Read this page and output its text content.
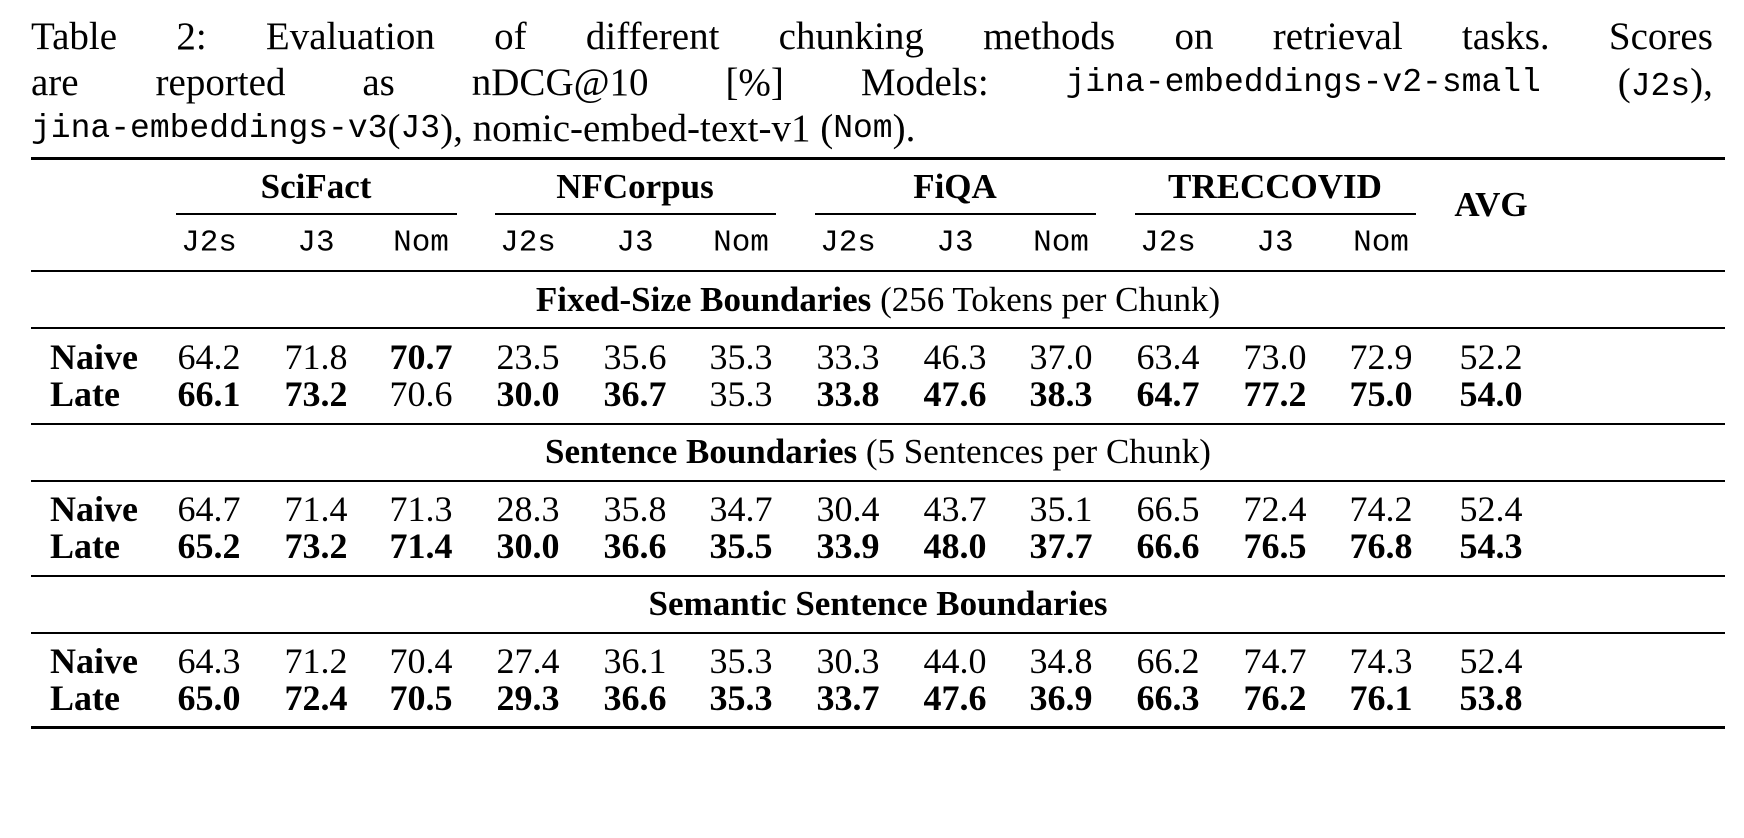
Table 2: Evaluation of different chunking methods on retrieval tasks. Scores
are reported as nDCG@10 [%] Models: jina-embeddings-v2-small (J2s),
jina-embeddings-v3 ( J3 ), nomic-embed-text-v1 ( Nom ).
SciFact	NFCorpus	FiQA	TRECCOVID AVG
J2s J3 Nom J2s J3 Nom J2s J3 Nom J2s J3 Nom
Fixed-Size Boundaries (256 Tokens per Chunk)
Naive 64.2 71.8 70.7 23.5 35.6 35.3 33.3 46.3 37.0 63.4 73.0 72.9 52.2
Late 66.1 73.2 70.6 30.0 36.7 35.3 33.8 47.6 38.3 64.7 77.2 75.0 54.0
Sentence Boundaries (5 Sentences per Chunk)
Naive 64.7 71.4 71.3 28.3 35.8 34.7 30.4 43.7 35.1 66.5 72.4 74.2 52.4
Late 65.2 73.2 71.4 30.0 36.6 35.5 33.9 48.0 37.7 66.6 76.5 76.8 54.3
Semantic Sentence Boundaries
Naive 64.3 71.2 70.4 27.4 36.1 35.3 30.3 44.0 34.8 66.2 74.7 74.3 52.4
Late 65.0 72.4 70.5 29.3 36.6 35.3 33.7 47.6 36.9 66.3 76.2 76.1 53.8
